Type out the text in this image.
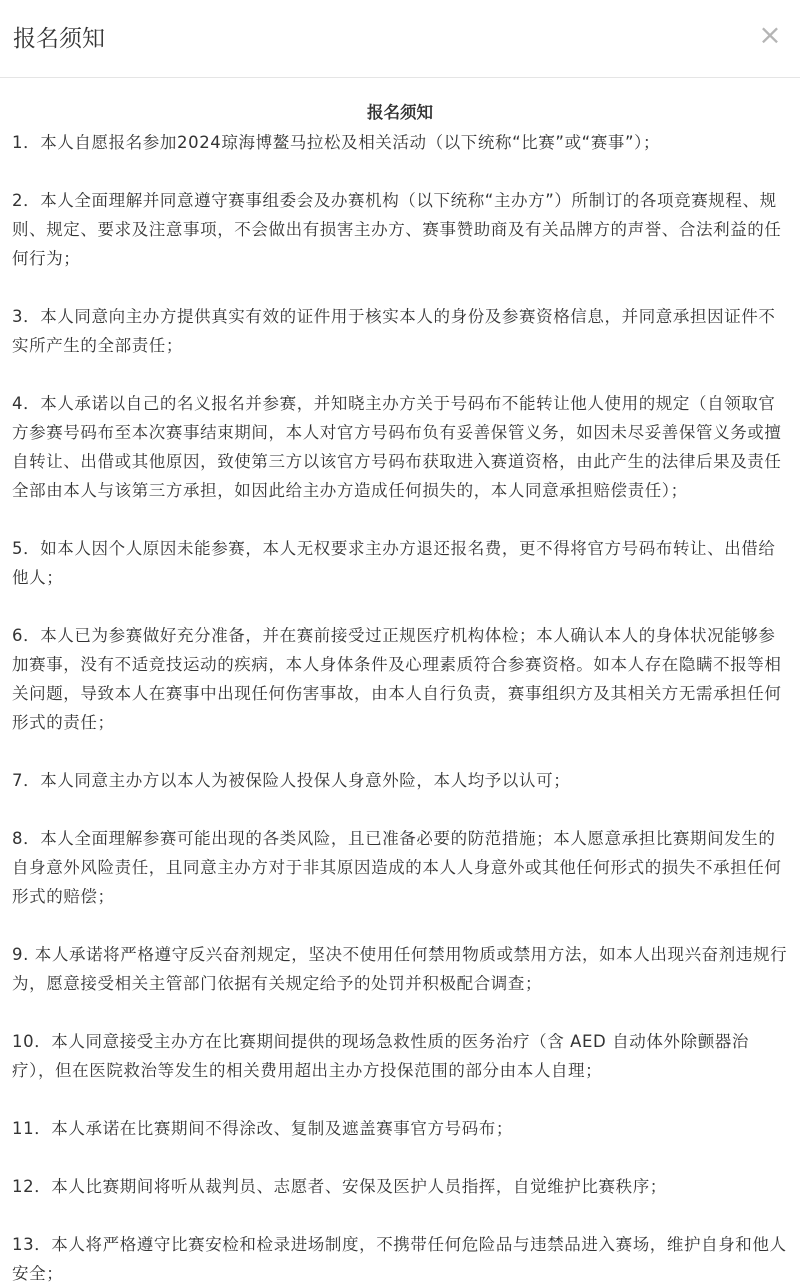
报名须知	×
报名须知

1．本人自愿报名参加2024琼海博鳌马拉松及相关活动（以下统称“比赛”或“赛事”）；

2．本人全面理解并同意遵守赛事组委会及办赛机构（以下统称“主办方”）所制订的各项竞赛规程、规则、规定、要求及注意事项，不会做出有损害主办方、赛事赞助商及有关品牌方的声誉、合法利益的任何行为；

3．本人同意向主办方提供真实有效的证件用于核实本人的身份及参赛资格信息，并同意承担因证件不实所产生的全部责任；

4．本人承诺以自己的名义报名并参赛，并知晓主办方关于号码布不能转让他人使用的规定（自领取官方参赛号码布至本次赛事结束期间，本人对官方号码布负有妥善保管义务，如因未尽妥善保管义务或擅自转让、出借或其他原因，致使第三方以该官方号码布获取进入赛道资格，由此产生的法律后果及责任全部由本人与该第三方承担，如因此给主办方造成任何损失的，本人同意承担赔偿责任）；

5．如本人因个人原因未能参赛，本人无权要求主办方退还报名费，更不得将官方号码布转让、出借给他人；

6．本人已为参赛做好充分准备，并在赛前接受过正规医疗机构体检；本人确认本人的身体状况能够参加赛事，没有不适竞技运动的疾病，本人身体条件及心理素质符合参赛资格。如本人存在隐瞒不报等相关问题，导致本人在赛事中出现任何伤害事故，由本人自行负责，赛事组织方及其相关方无需承担任何形式的责任；

7．本人同意主办方以本人为被保险人投保人身意外险，本人均予以认可；

8．本人全面理解参赛可能出现的各类风险，且已准备必要的防范措施；本人愿意承担比赛期间发生的自身意外风险责任，且同意主办方对于非其原因造成的本人人身意外或其他任何形式的损失不承担任何形式的赔偿；

9. 本人承诺将严格遵守反兴奋剂规定，坚决不使用任何禁用物质或禁用方法，如本人出现兴奋剂违规行为，愿意接受相关主管部门依据有关规定给予的处罚并积极配合调查；

10．本人同意接受主办方在比赛期间提供的现场急救性质的医务治疗（含 AED 自动体外除颤器治疗），但在医院救治等发生的相关费用超出主办方投保范围的部分由本人自理；

11．本人承诺在比赛期间不得涂改、复制及遮盖赛事官方号码布；

12．本人比赛期间将听从裁判员、志愿者、安保及医护人员指挥，自觉维护比赛秩序；

13．本人将严格遵守比赛安检和检录进场制度，不携带任何危险品与违禁品进入赛场，维护自身和他人安全；
